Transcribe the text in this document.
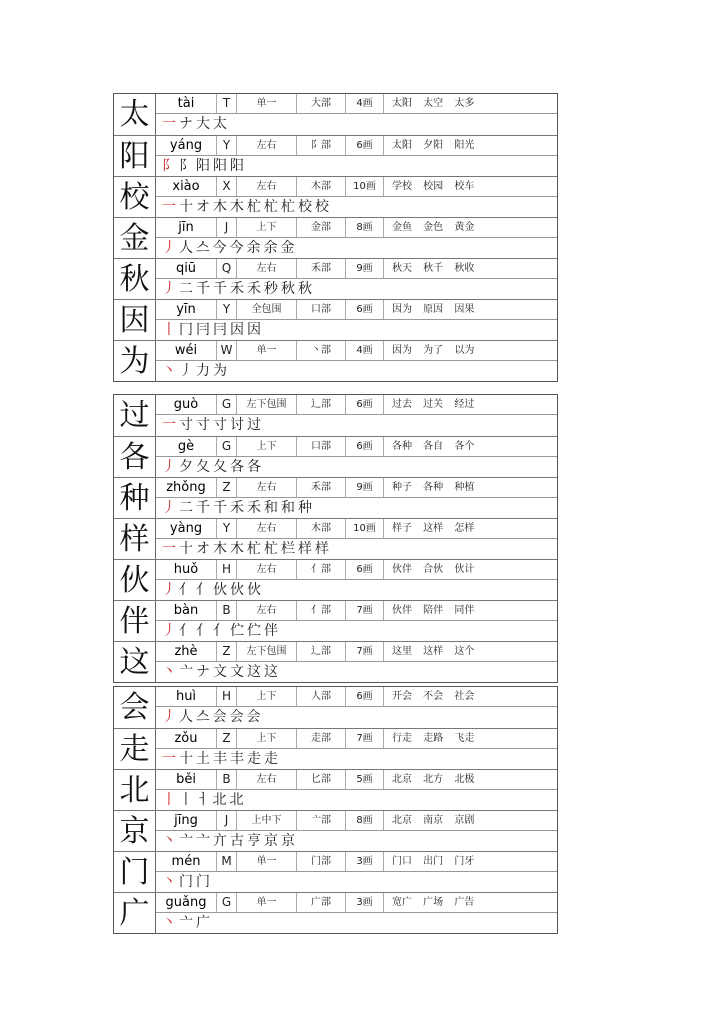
太	tài	T	单一	大部	4画	太阳 太空 太多
一 ナ 大 太
阳	yáng	Y	左右	阝部	6画	太阳 夕阳 阳光
阝 阝 阳 阳 阳
校	xiào	X	左右	木部	10画	学校 校园 校车
一 十 オ 木 木 杧 杧 杧 校 校
金	jīn	J	上下	金部	8画	金鱼 金色 黄金
丿 人 스 今 今 余 余 金
秋	qiū	Q	左右	禾部	9画	秋天 秋千 秋收
丿 二 千 千 禾 禾 秒 秋 秋
因	yīn	Y	全包围	口部	6画	因为 原因 因果
丨 冂 冃 冃 因 因
为	wéi	W	单一	丶部	4画	因为 为了 以为
丶 丿 力 为
过	guò	G	左下包围	辶部	6画	过去 过关 经过
一 寸 寸 寸 讨 过
各	gè	G	上下	口部	6画	各种 各自 各个
丿 夕 夂 夂 各 各
种	zhǒng	Z	左右	禾部	9画	种子 各种 种植
丿 二 千 千 禾 禾 和 和 种
样	yàng	Y	左右	木部	10画	样子 这样 怎样
一 十 オ 木 木 杧 杧 栏 样 样
伙	huǒ	H	左右	亻部	6画	伙伴 合伙 伙计
丿 亻 亻 伙 伙 伙
伴	bàn	B	左右	亻部	7画	伙伴 陪伴 同伴
丿 亻 亻 亻 伫 伫 伴
这	zhè	Z	左下包围	辶部	7画	这里 这样 这个
丶 亠 ナ 文 文 这 这
会	huì	H	上下	人部	6画	开会 不会 社会
丿 人 스 会 会 会
走	zǒu	Z	上下	走部	7画	行走 走路 飞走
一 十 土 丰 丰 走 走
北	běi	B	左右	匕部	5画	北京 北方 北极
丨 丨 ㅓ 北 北
京	jīng	J	上中下	亠部	8画	北京 南京 京剧
丶 亠 亠 亣 古 亨 京 京
门	mén	M	单一	门部	3画	门口 出门 门牙
丶 门 门
广	guǎng	G	单一	广部	3画	宽广 广场 广告
丶 亠 广
